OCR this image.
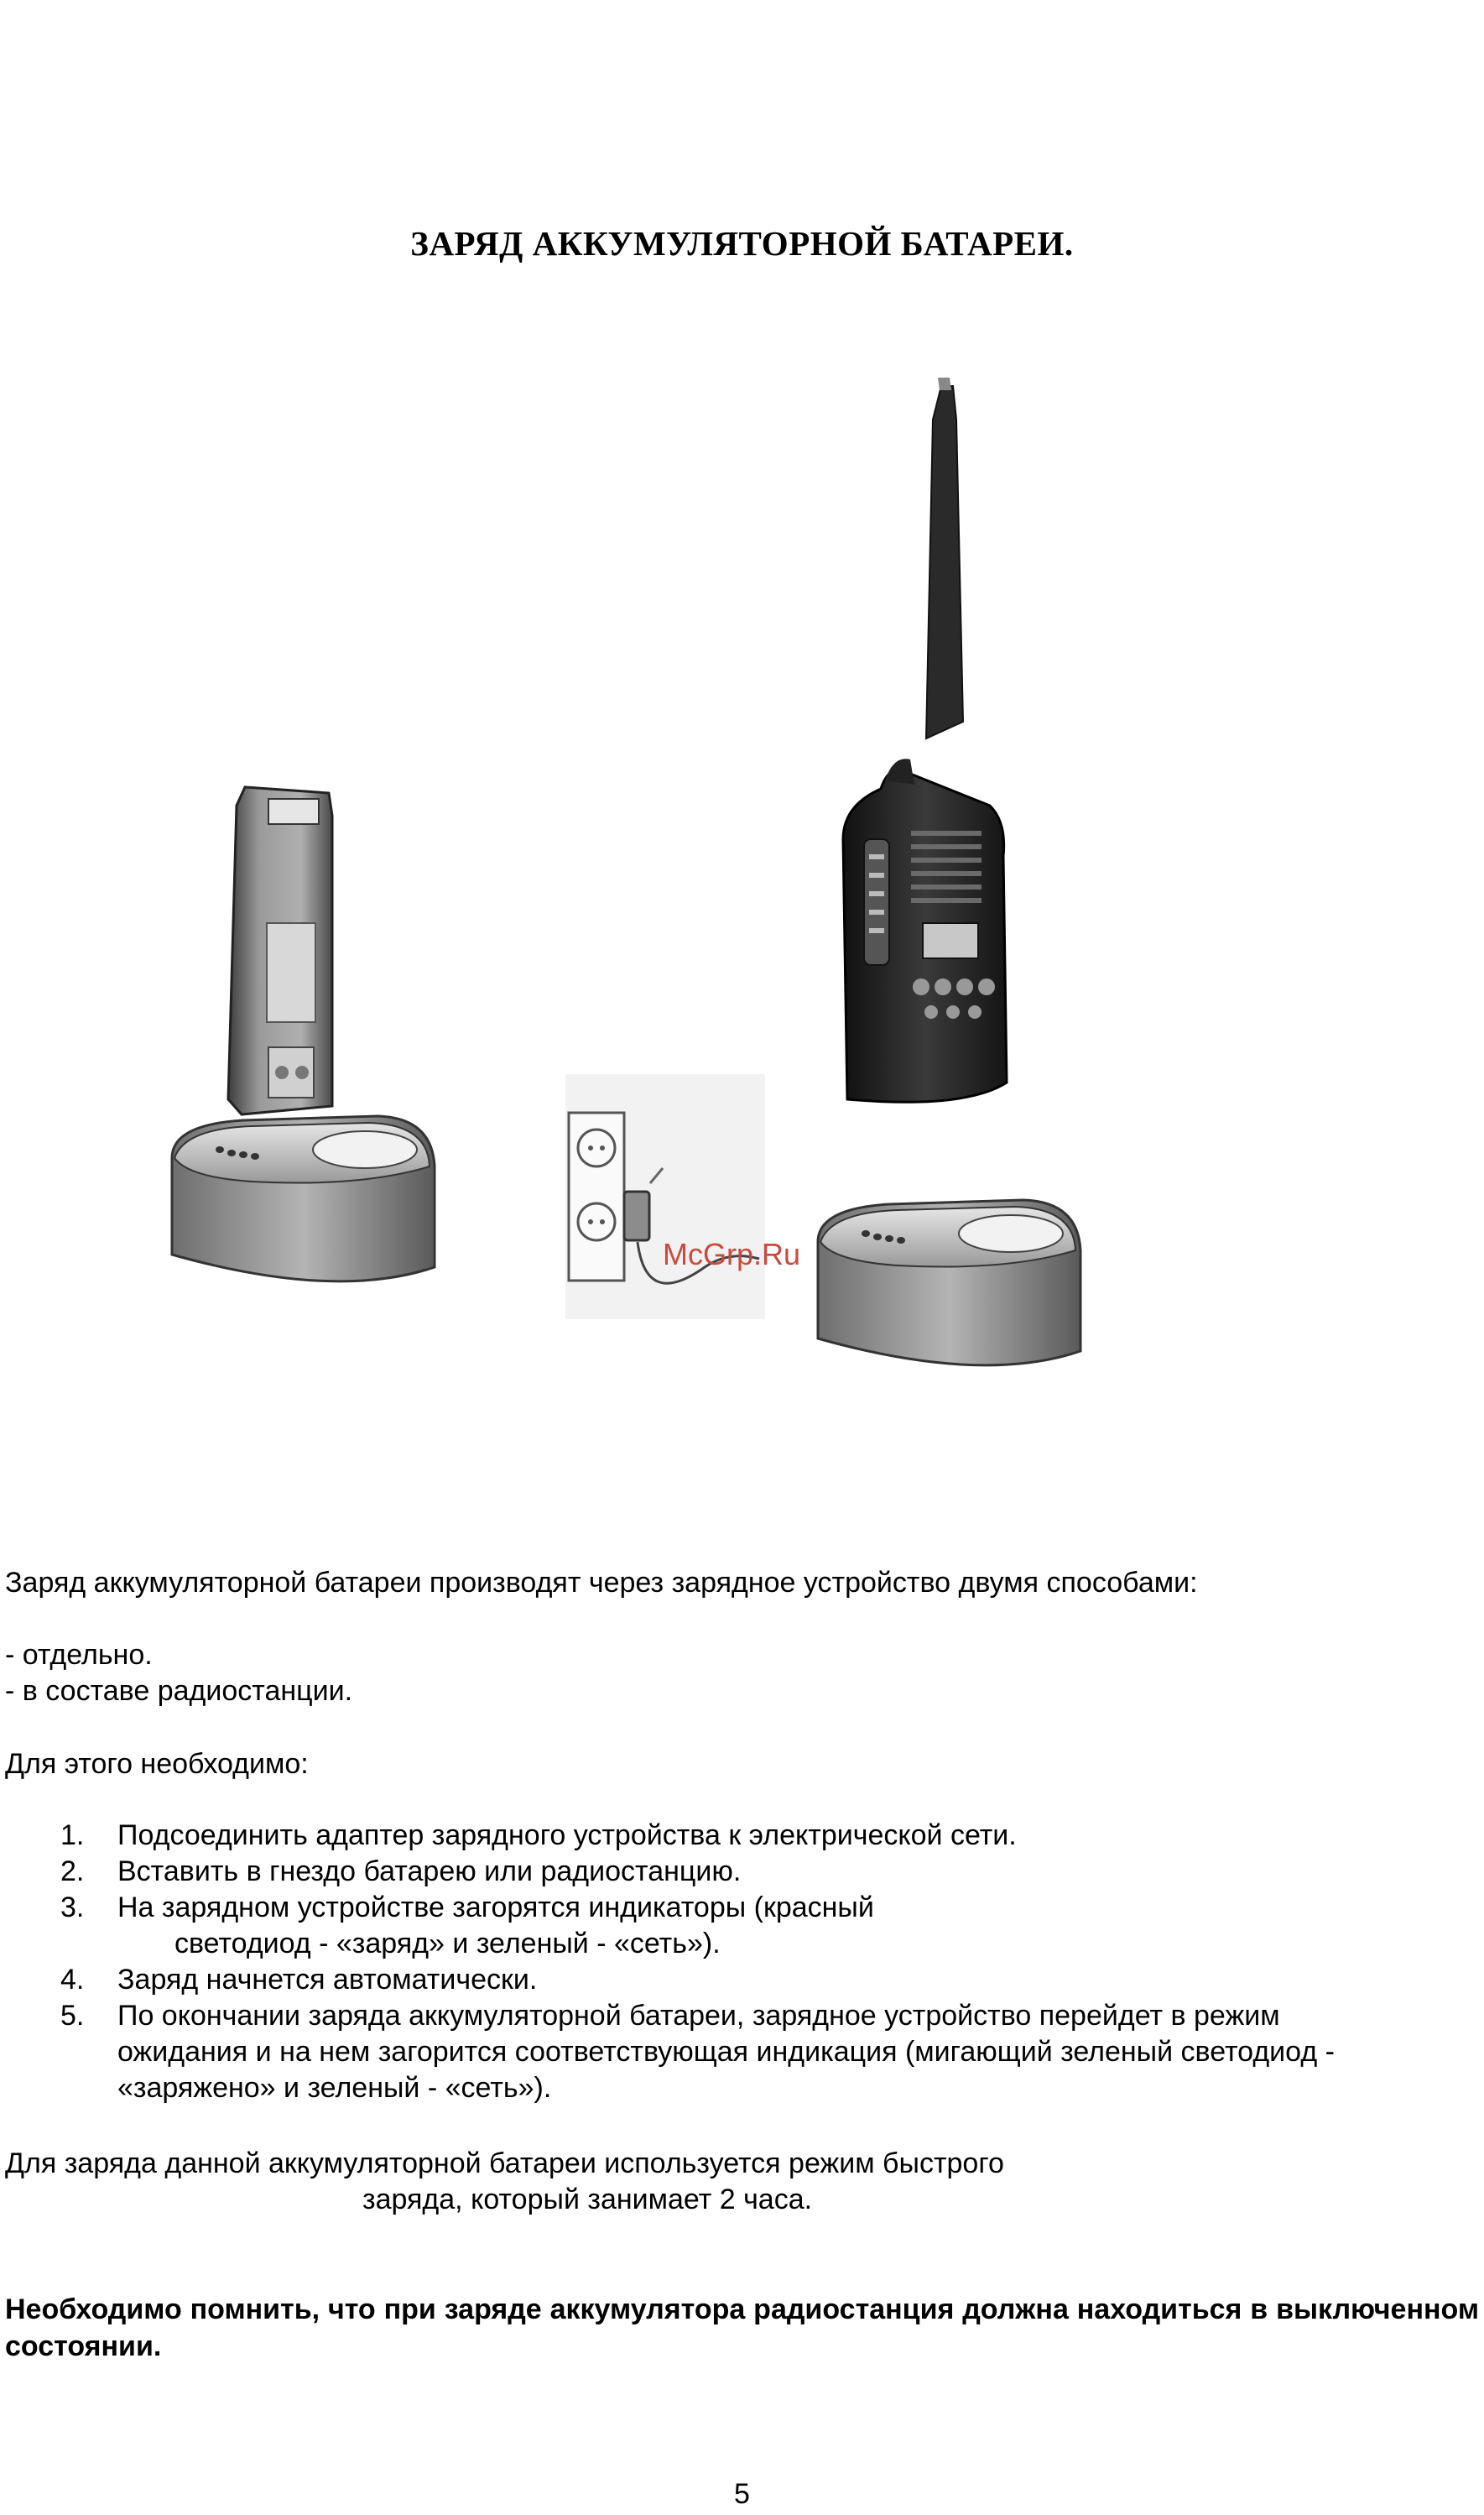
ЗАРЯД АККУМУЛЯТОРНОЙ БАТАРЕИ.
McGrp.Ru
Заряд аккумуляторной батареи производят через зарядное устройство двумя способами:
- отдельно.
- в составе радиостанции.
Для этого необходимо:
1.	Подсоединить адаптер зарядного устройства к электрической сети.
2.	Вставить в гнездо батарею или радиостанцию.
3.	На зарядном устройстве загорятся индикаторы (красный
светодиод - «заряд» и зеленый - «сеть»).
4.	Заряд начнется автоматически.
5.	По окончании заряда аккумуляторной батареи, зарядное устройство перейдет в режим
ожидания и на нем загорится соответствующая индикация (мигающий зеленый светодиод -
«заряжено» и зеленый - «сеть»).
Для заряда данной аккумуляторной батареи используется режим быстрого
заряда, который занимает 2 часа.
Необходимо помнить, что при заряде аккумулятора радиостанция должна находиться в выключенном состоянии.
5
